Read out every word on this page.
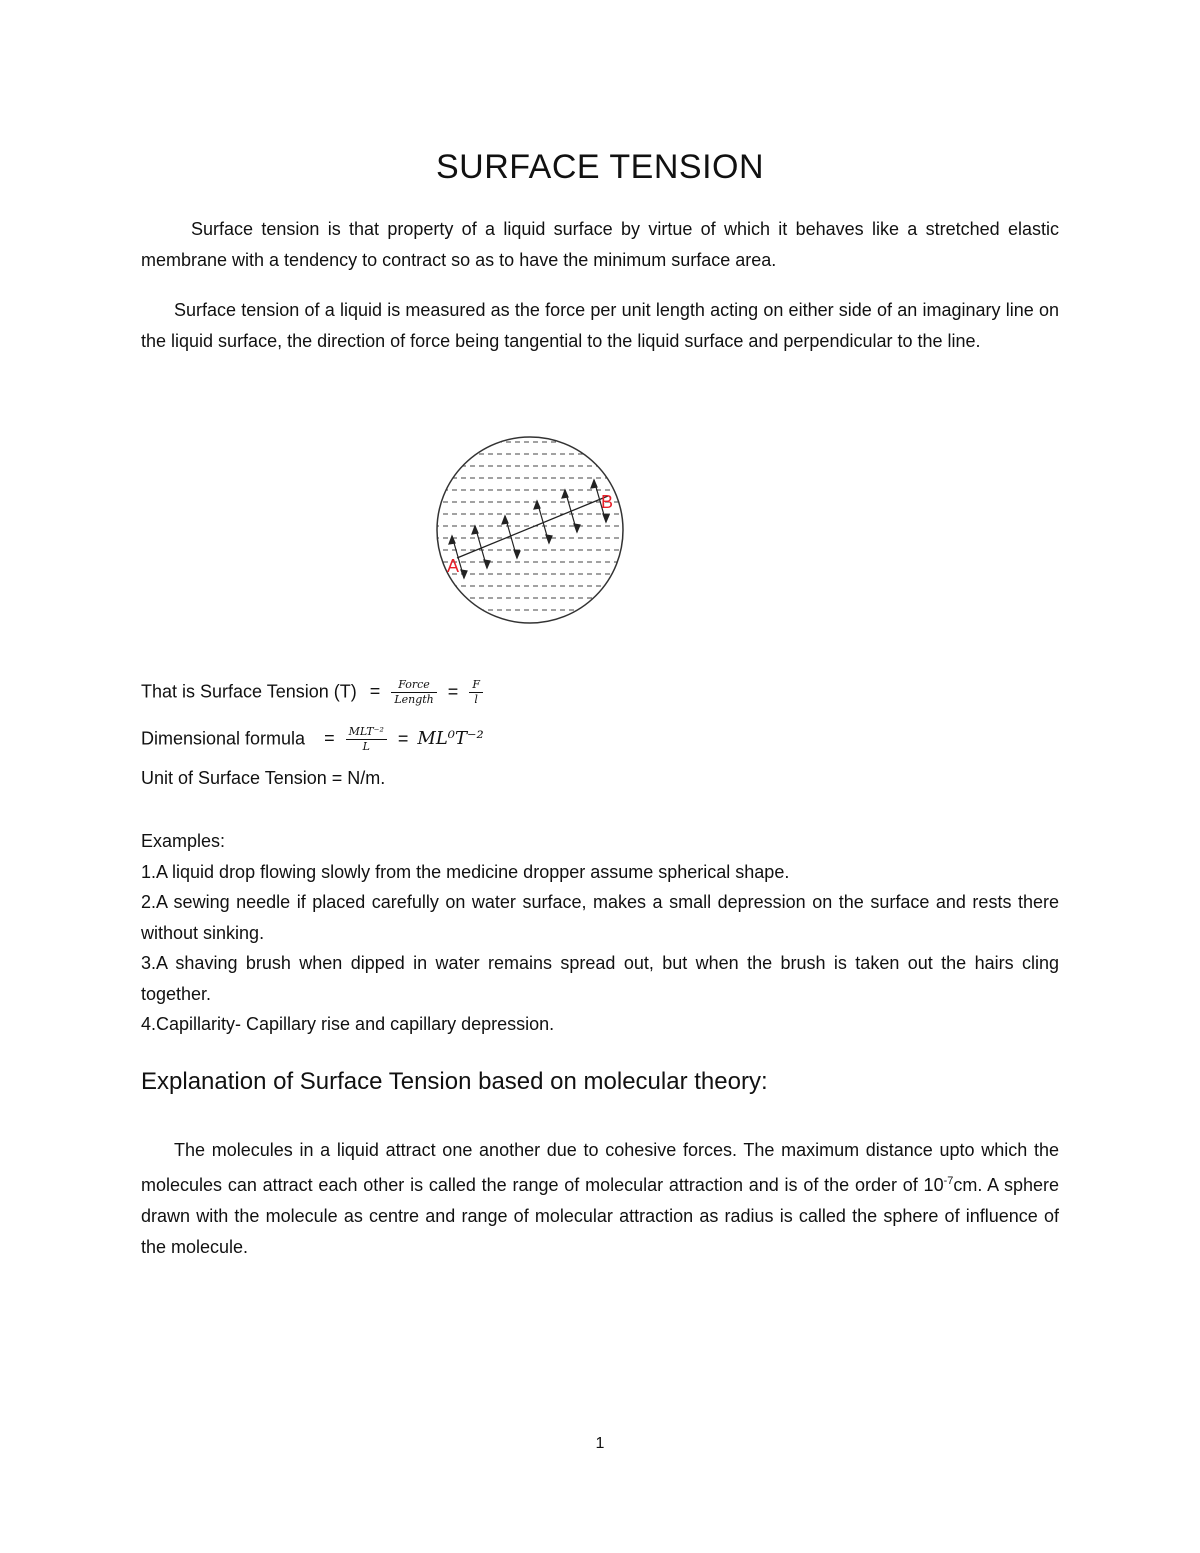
SURFACE TENSION

Surface tension is that property of a liquid surface by virtue of which it behaves like a stretched elastic membrane with a tendency to contract so as to have the minimum surface area.

Surface tension of a liquid is measured as the force per unit length acting on either side of an imaginary line on the liquid surface, the direction of force being tangential to the liquid surface and perpendicular to the line.

A
B
That is Surface Tension $(T) = \frac{\text{Force}}{\text{Length}} = \frac{F}{l}$
Dimensional formula = $\frac{\text{MLT⁻²}}{L} = ML^0T^{-2}$
Unit of Surface Tension = N/m.
Examples:
1.A liquid drop flowing slowly from the medicine dropper assume spherical shape.
2.A sewing needle if placed carefully on water surface, makes a small depression on the surface and rests there without sinking.
3.A shaving brush when dipped in water remains spread out, but when the brush is taken out the hairs cling together.
4.Capillarity- Capillary rise and capillary depression.
Explanation of Surface Tension based on molecular theory:

The molecules in a liquid attract one another due to cohesive forces. The maximum distance upto which the molecules can attract each other is called the range of molecular attraction and is of the order of $10^{-7}cm$. A sphere drawn with the molecule as centre and range of molecular attraction as radius is called the sphere of influence of the molecule.

1
